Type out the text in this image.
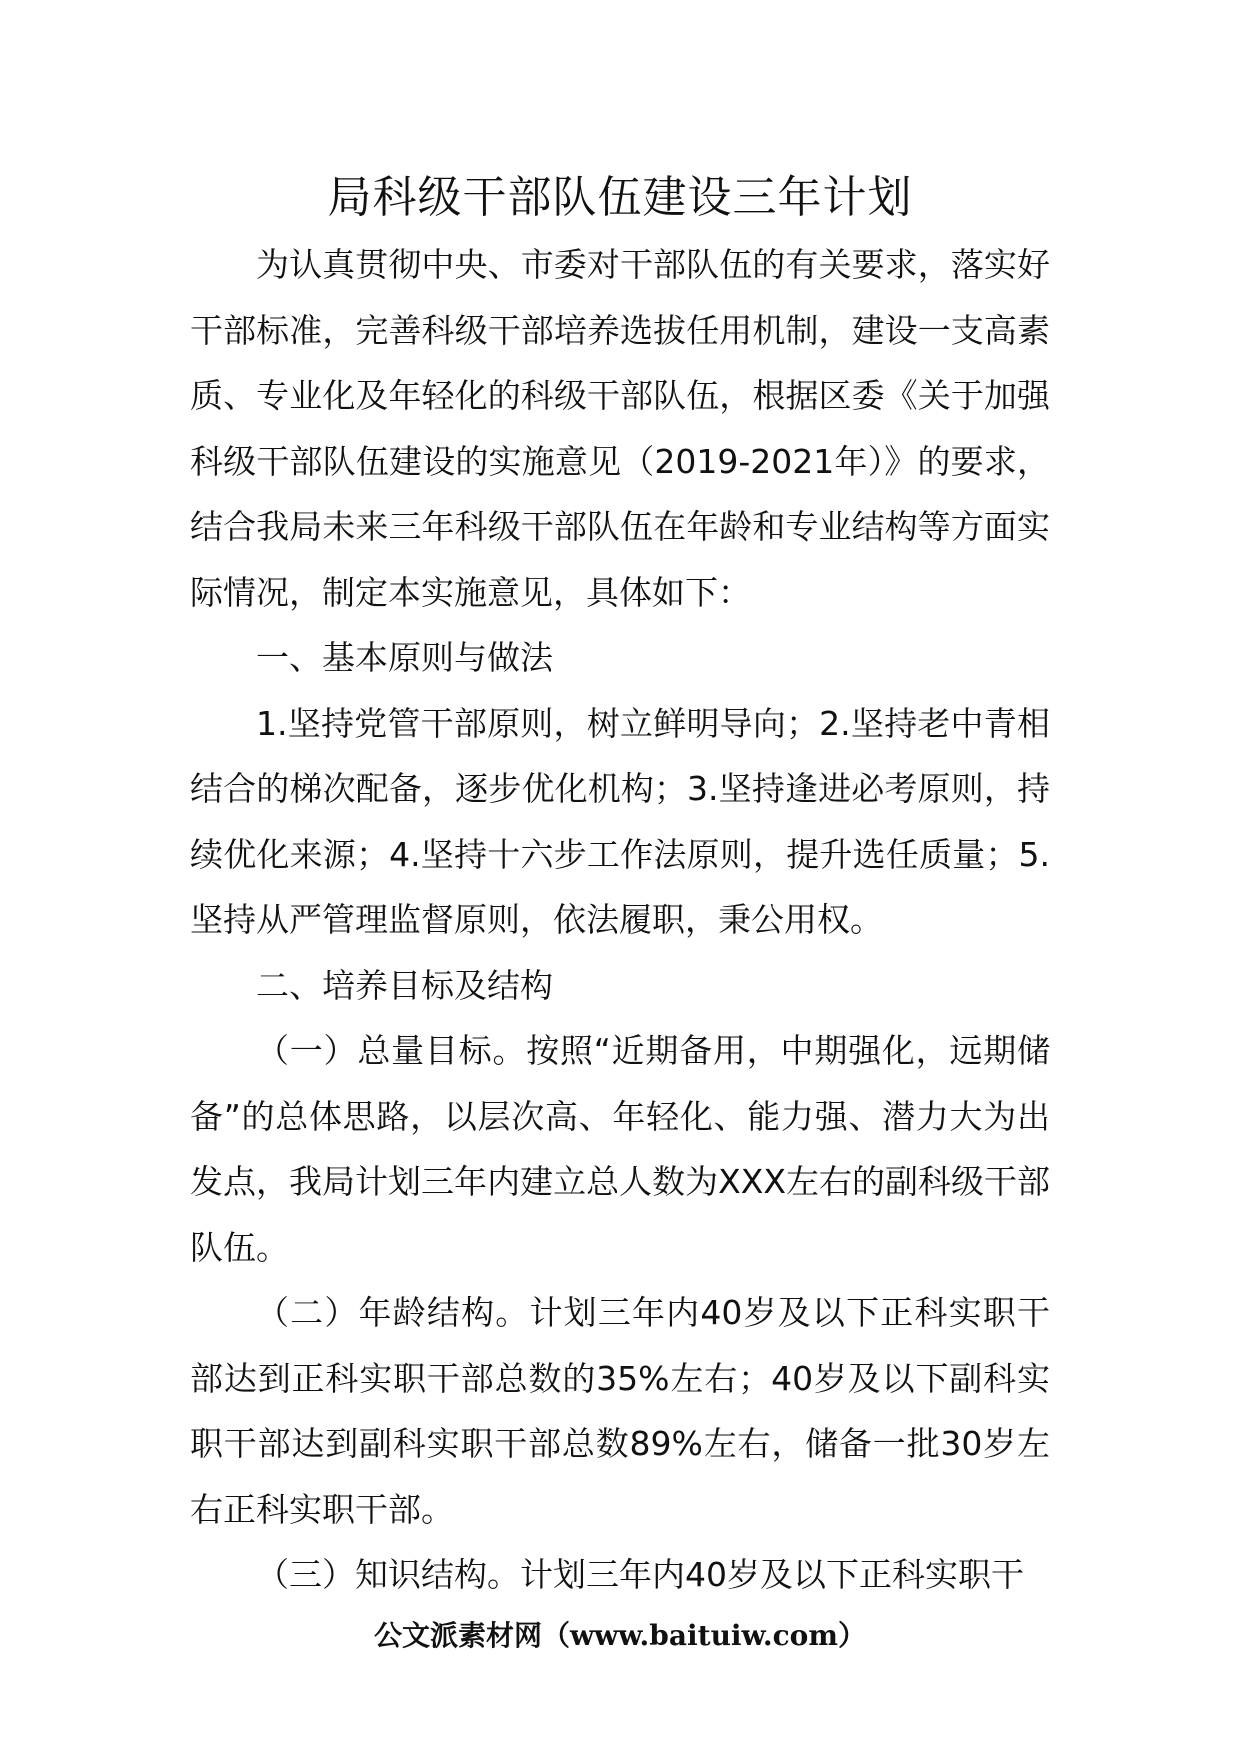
局科级干部队伍建设三年计划

为认真贯彻中央、市委对干部队伍的有关要求，落实好干部标准，完善科级干部培养选拔任用机制，建设一支高素质、专业化及年轻化的科级干部队伍，根据区委《关于加强科级干部队伍建设的实施意见（2019-2021年）》的要求，结合我局未来三年科级干部队伍在年龄和专业结构等方面实际情况，制定本实施意见，具体如下：

一、基本原则与做法

1.坚持党管干部原则，树立鲜明导向；2.坚持老中青相结合的梯次配备，逐步优化机构；3.坚持逢进必考原则，持续优化来源；4.坚持十六步工作法原则，提升选任质量；5.坚持从严管理监督原则，依法履职，秉公用权。

二、培养目标及结构

（一）总量目标。按照“近期备用，中期强化，远期储备”的总体思路，以层次高、年轻化、能力强、潜力大为出发点，我局计划三年内建立总人数为XXX左右的副科级干部队伍。

（二）年龄结构。计划三年内40岁及以下正科实职干部达到正科实职干部总数的35%左右；40岁及以下副科实职干部达到副科实职干部总数89%左右，储备一批30岁左右正科实职干部。

（三）知识结构。计划三年内40岁及以下正科实职干

公文派素材网（www.baituiw.com）
